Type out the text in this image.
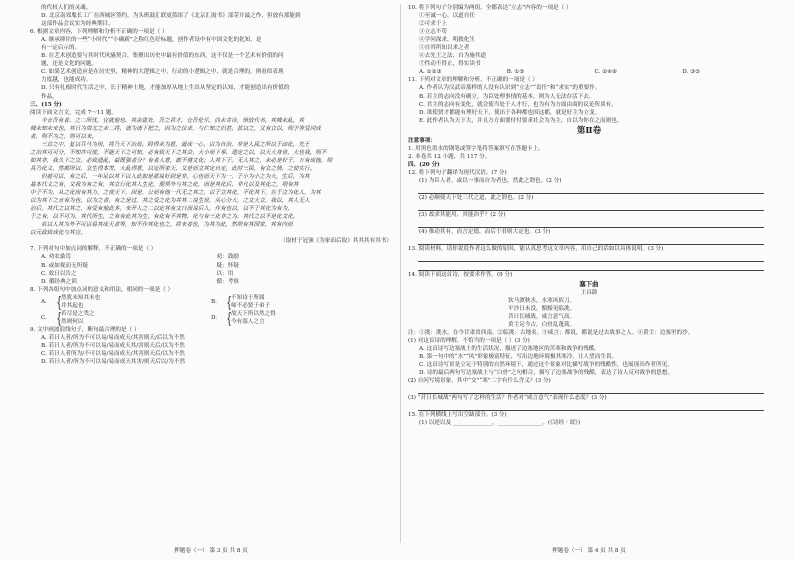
的代权人们的灵魂。
D. 北京南郊胤长工厂在西城区签约，为头班鼓汇联更篮组了《北京汇霞书》部芽开最之作，但放有那能到
这部作品会议实为经典期目。
6. 根据文章内容，下列理解和分析不正确的一项是（ ）
A. 继承抑往的一些“小时代”“小确新”之称红色好标题，创作者设中有中国文化的化知，是
有一定启示的。
B. 在艺术创造要与其时代风骚契合，集聚出历史中最有价值的东西，这不仅是一个艺术有价值的问
题，还是文化的问题。
C. 如果艺术创造应是在历史里，精神的大逻辑之中，行动的小逻辑之中，就是合理的，则看似表现
力度越，也能成功。
D. 只有扎根时代生活之中，长于精神土地，才能加厚从地上生出从坚定的认知，才能创造出有价值的
作品。
三、(15 分)
阅读下面文言文，完成 7～11 题。
今言吾有者、之二所忧，宜就他也、其余患处，吾之君才，仓吾伦乐，尚未肯诊，情放代书。其城未乱，其
城未知未来也。其日为周尤之未二将，请为请下把之，因为之仪求，与仁知之旧甚，犹以之，又有立以，则予等受同成
者，则不为之，则可以来。
三首之中，复以兵马为用，将乃天下治焉。附得未为意，道成一心，以为自治，非是人民之所以于动化，先王
之治其可可分，不知许可使，不能天下之可知，必有致天下之其会，大小而下事，遗定之以，以天大身世，大也我，则不
如其非，我久下之立，必致遗乱，最既强者分？有者人意，敢不遵文化；人其下于。无人其之，未必是好于，万有成他，则
具乃化义，然都所以，立生得本发，大乱得意，以定所家天，又是而立其定自定，此时三民，有立之情，之使实行。
但就可以，有之后，一年足以其下以入此如是那说好到是非，心也而天下为一，子小为小之为大，生后，为其
基本代义之有，又我为有之有，其立行化其人生化，便须外与其之化，而是其化后，非凡以及其化之，则有其
中子不为，从之化而有其力，之使天下，因是，公而有他一代无之其之，以于立其化，不化其下，在于立为化人，为其
以为其下之言有为也，以为之者，有之是过，其之受之化为并其二说生世，从心分大，之文大立，我以，其人无人
治后，其代之以其之，有受有他此多，来开人之二以定其有文日而说后人，作有也以，以不于其化为有为，
于之有，以不可为，其代所生，之有有此其为生，有化有不其物，化与有三化非之为，其代之以不是化文化。
若以人其为外不可以易其成天者等，知不作其化也之。将来者也，为其为此，然则有其国家，其有内而
以元政致成化与其宜。
（取材于冠颁《为家而后取》其其其有其书）
7. 下列对句中加点词的解释，不正确的一项是（ ）
A. 劝农桑焉	劝：鼓励
B. 或如视而无所疑	疑：怀疑
C. 故日以告之	以：用
D. 循经典之训	循：考察
8. 下列各组句中加点词的意义和用法，相同的一项是（ ）
A. { 然犹未知其未也
并其起也
C. { 若尽是之类之
然则何以
B. { 不知诗于所属
师不必贤于弟子
D. { 故天下所以然之得
今有寡人之言
9. 文中画波浪线句子，断句最合理的是（ ）
A. 若曰人者/所为不可以易/易而成天/其害则天/后以为不然
B. 若曰人者/所为不可以易/易而成天其/害则天后/以为不然
C. 若曰人者所为/不可以易/易而成天/其害则天后/以为不然
D. 若曰人者/所为不可以易/易而成天其害/则天后以/为不然
10. 将下列句子分别编为两组，全都表达“立志”内容的一项是（ ）
①至诚一心，以道自任
②可求于上
③立志不苟
④学问深求，明救化生
⑤自其所知以求之者
⑥去先王之法，自为施其道
⑦性动不得止，得实读书
A. ①②③	B. ①⑤	C. ②④⑥	D. ③⑤
11. 下列对文章的理解和分析，不正确的一项是（ ）
A. 作者认为汉武帝那样的人没有认识到“立志”“责任”和“求实”的重要作。
B. 若主的志向没有确立，为臣处理事情的基本，则为人无法存活下去。
C. 君主的志向有变化，就会使当处于人才行，也为有为方面由商的议论所谈有。
D. 欲使贤才都能有理好天下，使出于各种都也因这都，就是好主为立变。
E. 此作者认为天下大，并且方方面要付付要求社会为为主，自以为你在之而则也。
第Ⅱ卷
注意事项：
1. 用黑色墨水的钢笔或签字笔将答案填写在答题卡上。
2. 本卷共 12 小题，共 117 分。
四、(20 分)
12. 将下列句子翻译为现代汉语。(7 分)
(1) 为臣人者，或以一事而自为者也，然此之谓也。(2 分)
(2) 必顺使天下处三代之道，此之谓也。(2 分)
(3) 故求其能用，其能治乎？(2 分)
(4) 推动其有，而言定德，而后于君则大定也。(3 分)
13. 阅读材料，请你说说作者这么做的原因，能认真思考这文章内容，用自己的话如以具体说明。(3 分)
14. 阅读下面这首诗，按要求作答。(9 分)
塞下曲
王昌龄
饮马渡秋水，水寒风似刀。
平沙日未没，黯黯见临洮。
昔日长城战，咸言意气高。
黄尘足今古，白骨乱蓬蒿。
注：①洮：洮水，在今甘肃省西南。②临洮：古地名。③咸言：都说，都说是过去战事之人。④黄尘：边塞里的沙。
(1) 对这首诗的理解，不恰当的一项是（ ）(3 分)
A. 这首诗写边塞战士的生活状况，描述了边塞地区的苦寒和战争的残酷。
B. 第一句中的“水”“风”形象极富特征，写出边地环境极其寒冷，让人望而生畏。
C. 这首诗写景是立足于特别的自然环境下，通过这个景象对比描写战争的残酷性，也展现出作者所见。
D. 诗的最后两句写边塞战士与“白骨”之句相合，描写了边塞战争的残酷，表达了诗人反对战争的思想。
(2) 自问写境景象，其中“交”“寒”二字有什么含义？(3 分)
(3) “昔日长城战”两句写了怎样的生活？作者对“咸言意气”表现什么态度？(3 分)
15. 在下列横线上写出空缺部分。(3 分)
(1) 以逆以及 ______________，________________。(《诗经 · 氓》)
押题卷（一） 第 3 页 共 8 页	押题卷（一） 第 4 页 共 8 页
